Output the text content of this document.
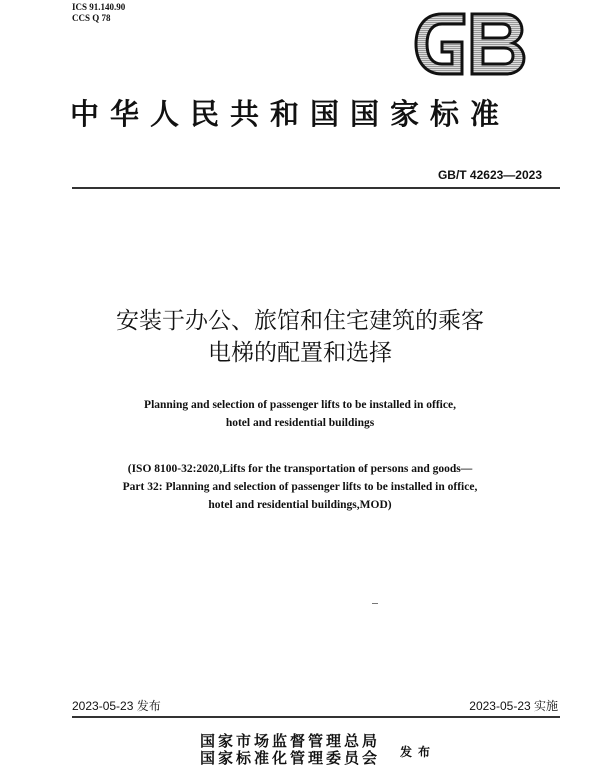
ICS 91.140.90
CCS Q 78
中华人民共和国国家标准
GB/T 42623—2023
安装于办公、旅馆和住宅建筑的乘客
电梯的配置和选择
Planning and selection of passenger lifts to be installed in office,
hotel and residential buildings
(ISO 8100-32:2020,Lifts for the transportation of persons and goods—
Part 32: Planning and selection of passenger lifts to be installed in office,
hotel and residential buildings,MOD)
2023-05-23 发布	2023-05-23 实施
国家市场监督管理总局
国家标准化管理委员会 发布
